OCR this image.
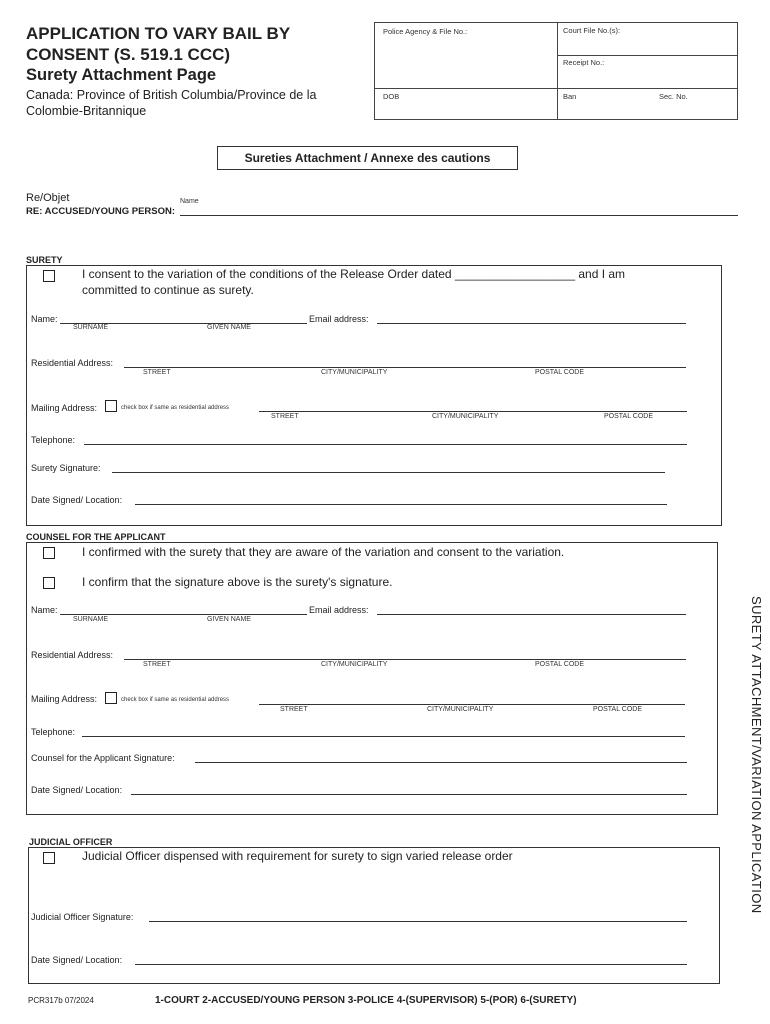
APPLICATION TO VARY BAIL BY
CONSENT (S. 519.1 CCC)
Surety Attachment Page
Canada: Province of British Columbia/Province de la
Colombie-Britannique
Police Agency & File No.:	Court File No.(s):
Receipt No.:
DOB	Ban	Sec. No.
Sureties Attachment / Annexe des cautions
Re/Objet	Name
RE: ACCUSED/YOUNG PERSON:
SURETY
I consent to the variation of the conditions of the Release Order dated __________________ and I am
committed to continue as surety.
Name:
SURNAME	GIVEN NAME
Email address:
Residential Address:
STREET	CITY/MUNICIPALITY	POSTAL CODE
Mailing Address:	check box if same as residential address
STREET	CITY/MUNICIPALITY	POSTAL CODE
Telephone:
Surety Signature:
Date Signed/ Location:
COUNSEL FOR THE APPLICANT
I confirmed with the surety that they are aware of the variation and consent to the variation.
I confirm that the signature above is the surety's signature.
Name:
SURNAME	GIVEN NAME
Email address:
Residential Address:
STREET	CITY/MUNICIPALITY	POSTAL CODE
Mailing Address:	check box if same as residential address
STREET	CITY/MUNICIPALITY	POSTAL CODE
Telephone:
Counsel for the Applicant Signature:
Date Signed/ Location:
JUDICIAL OFFICER
Judicial Officer dispensed with requirement for surety to sign varied release order
Judicial Officer Signature:
Date Signed/ Location:
SURETY ATTACHMENT/VARIATION APPLICATION
PCR317b 07/2024	1-COURT 2-ACCUSED/YOUNG PERSON 3-POLICE 4-(SUPERVISOR) 5-(POR) 6-(SURETY)
